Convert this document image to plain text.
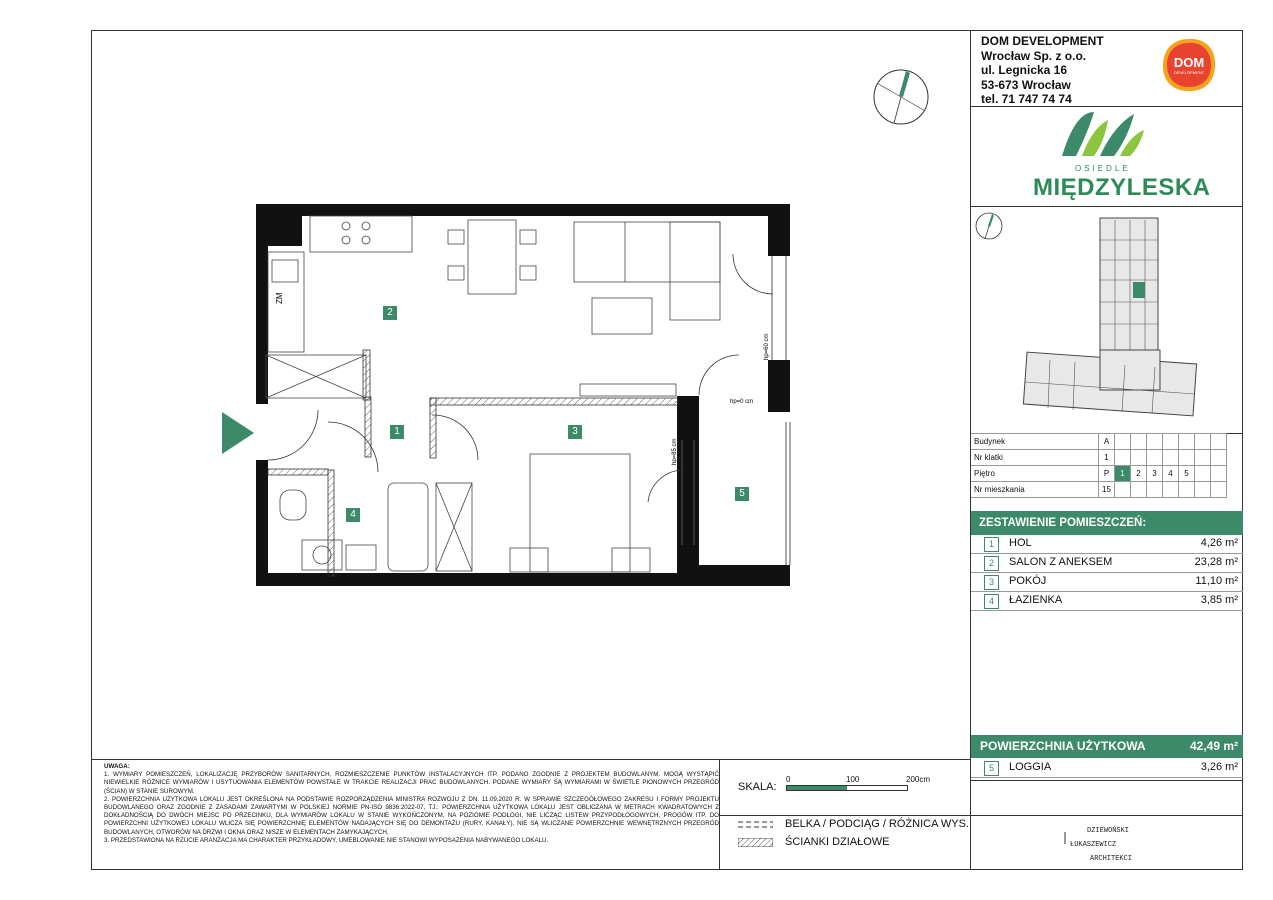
DOM DEVELOPMENT
Wrocław Sp. z o.o.
ul. Legnicka 16
53-673 Wrocław
tel. 71 747 74 74
DOM
DEVELOPMENT
OSIEDLE
MIĘDZYLESKA
Budynek	A							
Nr klatki	1							
Piętro	P	1	2	3	4	5		
Nr mieszkania	15							
ZESTAWIENIE POMIESZCZEŃ:
1	HOL	4,26 m²
2	SALON Z ANEKSEM	23,28 m²
3	POKÓJ	11,10 m²
4	ŁAZIENKA	3,85 m²
POWIERZCHNIA UŻYTKOWA	42,49 m²
5	LOGGIA	3,26 m²
ZM
hp=60 cm
hp=0 cm
hp=85 cm
2
1	3
4
5
UWAGA:
1. WYMIARY POMIESZCZEŃ, LOKALIZACJĘ PRZYBORÓW SANITARNYCH, ROZMIESZCZENIE PUNKTÓW INSTALACYJNYCH ITP. PODANO ZGODNIE Z PROJEKTEM BUDOWLANYM. MOGĄ WYSTĄPIĆ NIEWIELKIE RÓŻNICE WYMIARÓW I USYTUOWANIA ELEMENTÓW POWSTAŁE W TRAKCIE REALIZACJI PRAC BUDOWLANYCH. PODANE WYMIARY SĄ WYMIARAMI W ŚWIETLE PIONOWYCH PRZEGRÓD (ŚCIAN) W STANIE SUROWYM.
2. POWIERZCHNIA UŻYTKOWA LOKALU JEST OKREŚLONA NA PODSTAWIE ROZPORZĄDZENIA MINISTRA ROZWOJU Z DN. 11.09.2020 R. W SPRAWIE SZCZEGÓŁOWEGO ZAKRESU I FORMY PROJEKTU BUDOWLANEGO ORAZ ZGODNIE Z ZASADAMI ZAWARTYMI W POLSKIEJ NORMIE PN-ISO 9836:2022-07, TJ.: POWIERZCHNIA UŻYTKOWA LOKALU JEST OBLICZANA W METRACH KWADRATOWYCH Z DOKŁADNOŚCIĄ DO DWÓCH MIEJSC PO PRZECINKU, DLA WYMIARÓW LOKALU W STANIE WYKOŃCZONYM, NA POZIOMIE PODŁOGI, NIE LICZĄC LISTEW PRZYPODŁOGOWYCH, PROGÓW ITP. DO POWIERZCHNI UŻYTKOWEJ LOKALU WLICZA SIĘ POWIERZCHNIĘ ELEMENTÓW NADAJĄCYCH SIĘ DO DEMONTAŻU (RURY, KANAŁY), NIE SĄ WLICZANE POWIERZCHNIE WEWNĘTRZNYCH PRZEGRÓD BUDOWLANYCH, OTWORÓW NA DRZWI I OKNA ORAZ NISZE W ELEMENTACH ZAMYKAJĄCYCH.
3. PRZEDSTAWIONA NA RZUCIE ARANŻACJA MA CHARAKTER PRZYKŁADOWY, UMEBLOWANIE NIE STANOWI WYPOSAŻENIA NABYWANEGO LOKALU.
SKALA:
0	100	200cm
BELKA / PODCIĄG / RÓŻNICA WYS.
ŚCIANKI DZIAŁOWE
DZIEWOŃSKI
ŁUKASZEWICZ
ARCHITEKCI
